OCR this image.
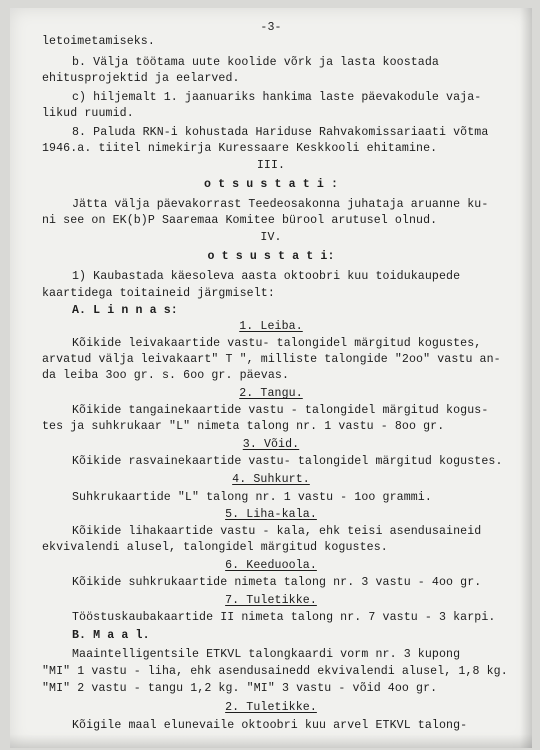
-3-
letoimetamiseks.
b. Välja töötama uute koolide võrk ja lasta koostada
ehitusprojektid ja eelarved.
c) hiljemalt 1. jaanuariks hankima laste päevakodule vaja-
likud ruumid.
8. Paluda RKN-i kohustada Hariduse Rahvakomissariaati võtma
1946.a. tiitel nimekirja Kuressaare Keskkooli ehitamine.
III.
o t s u s t a t i :
Jätta välja päevakorrast Teedeosakonna juhataja aruanne ku-
ni see on EK(b)P Saaremaa Komitee bürool arutusel olnud.
IV.
o t s u s t a t i:
1) Kaubastada käesoleva aasta oktoobri kuu toidukaupede
kaartidega toitaineid järgmiselt:
A. L i n n a s:
1. Leiba.
Kõikide leivakaartide vastu- talongidel märgitud kogustes,
arvatud välja leivakaart" T ", milliste talongide "2oo" vastu an-
da leiba 3oo gr. s. 6oo gr. päevas.
2. Tangu.
Kõikide tangainekaartide vastu - talongidel märgitud kogus-
tes ja suhkrukaar "L" nimeta talong nr. 1 vastu - 8oo gr.
3. Võid.
Kõikide rasvainekaartide vastu- talongidel märgitud kogustes.
4. Suhkurt.
Suhkrukaartide "L" talong nr. 1 vastu - 1oo grammi.
5. Liha-kala.
Kõikide lihakaartide vastu - kala, ehk teisi asendusaineid
ekvivalendi alusel, talongidel märgitud kogustes.
6. Keeduoola.
Kõikide suhkrukaartide nimeta talong nr. 3 vastu - 4oo gr.
7. Tuletikke.
Tööstuskaubakaartide II nimeta talong nr. 7 vastu - 3 karpi.
B. M a a l.
Maaintelligentsile ETKVL talongkaardi vorm nr. 3 kupong
"MI" 1 vastu - liha, ehk asendusainedd ekvivalendi alusel, 1,8 kg.
"MI" 2 vastu - tangu 1,2 kg. "MI" 3 vastu - võid 4oo gr.
2. Tuletikke.
Kõigile maal elunevaile oktoobri kuu arvel ETKVL talong-
